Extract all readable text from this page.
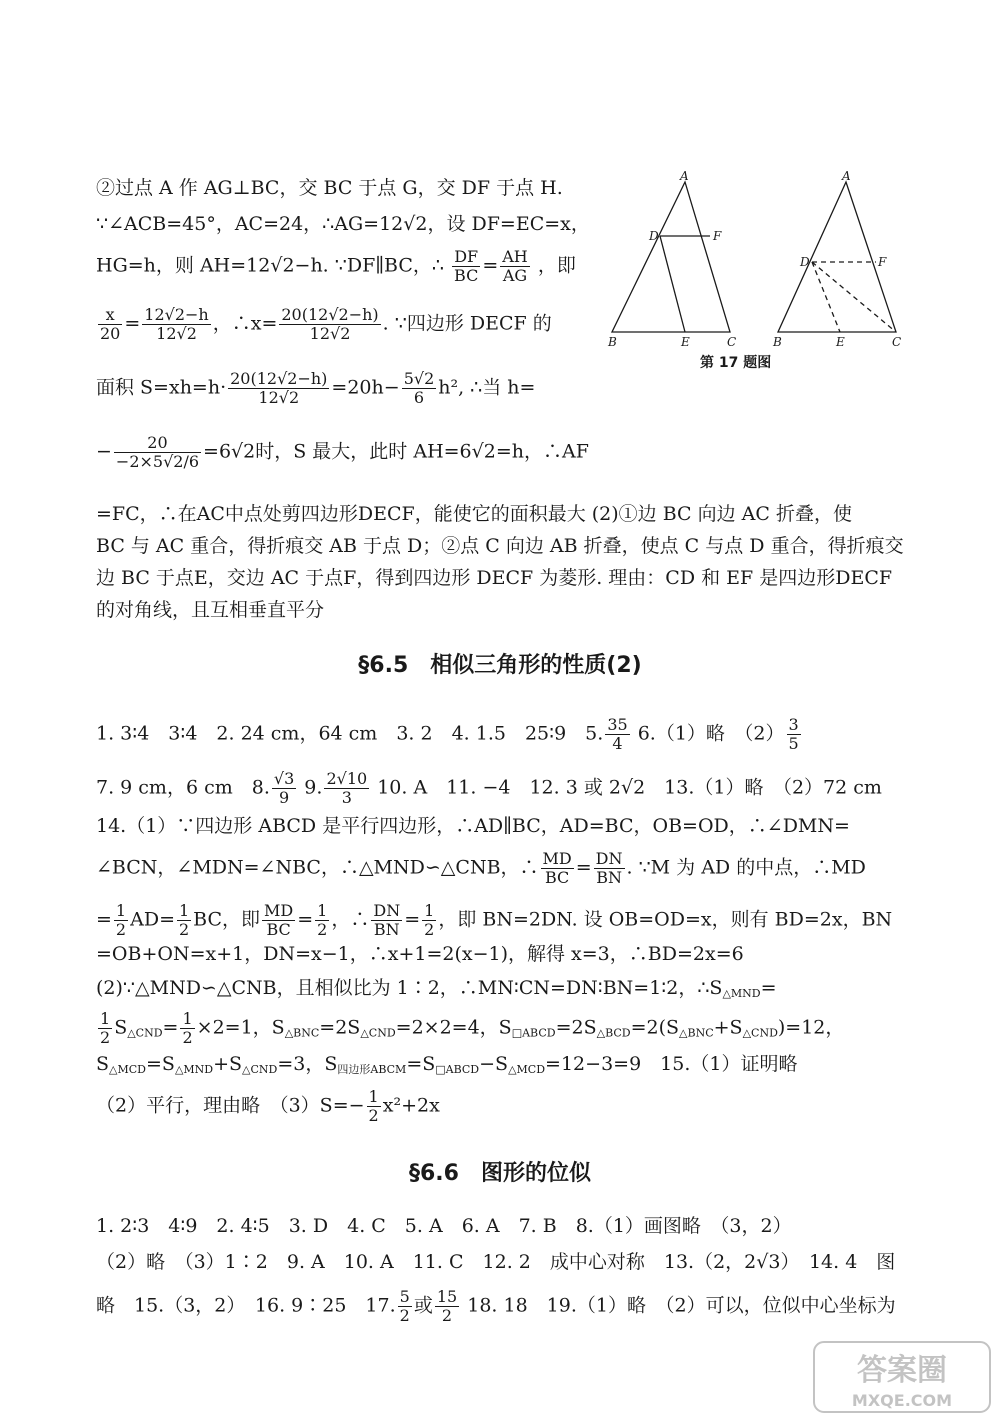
②过点 A 作 AG⊥BC，交 BC 于点 G，交 DF 于点 H.
∵∠ACB=45°，AC=24，∴AG=12√2，设 DF=EC=x，
HG=h，则 AH=12√2−h. ∵DF∥BC，∴ $\frac{DF}{BC} = \frac{AH}{AG}$ ，即
$\frac{x}{20} = \frac{12√2-h}{12√2}$ ，∴x= $\frac{20(12√2-h)}{12√2}$ . ∵四边形 DECF 的
面积 $S=xh=h\cdot \frac{20(12√2-h)}{12√2} =20h- \frac{5√2}{6} h^2$, ∴当 h=
− $\frac{20}{-2\times 5√2/6} =6√2$时，S 最大，此时 AH=6√2=h，∴AF
=FC，∴在AC中点处剪四边形DECF，能使它的面积最大 (2)①边 BC 向边 AC 折叠，使
BC 与 AC 重合，得折痕交 AB 于点 D；②点 C 向边 AB 折叠，使点 C 与点 D 重合，得折痕交
边 BC 于点E，交边 AC 于点F，得到四边形 DECF 为菱形. 理由：CD 和 EF 是四边形DECF
的对角线，且互相垂直平分
A
D	F
B	E	C
A
D	F
B	E	C
第 17 题图
§6.5　相似三角形的性质(2)
1. 3∶4　3∶4　2. 24 cm，64 cm　3. 2　4. 1.5　25∶9　5. $\frac{35}{4} 6.(1)$略　$(2) \frac{3}{5}$
7. 9 cm，6 cm　8. $\frac{√3}{9} 9$. $\frac{2√10}{3} 10$. A　11. −4　12. 3 或 2√2　13.（1）略　（2）72 cm
14.（1）∵四边形 ABCD 是平行四边形，∴AD∥BC，AD=BC，OB=OD，∴∠DMN=
∠BCN，∠MDN=∠NBC，∴△MND∽△CNB，∴ $\frac{MD}{BC} = \frac{DN}{BN}$ . ∵M 为 AD 的中点，∴MD
= $\frac{1}{2} AD= \frac{1}{2}$ BC，即 $\frac{MD}{BC} = \frac{1}{2}$ ，∴ $\frac{DN}{BN} = \frac{1}{2}$ ，即 BN=2DN. 设 OB=OD=x，则有 BD=2x，BN
=OB+ON=x+1，DN=x−1，∴x+1=2(x−1)，解得 x=3，∴BD=2x=6
(2)∵△MND∽△CNB，且相似比为 1∶2，∴MN∶CN=DN∶BN=1∶2，$\therefore S_{\triangle MND}=$
$\frac{1}{2} S_{\triangle CND}= \frac{1}{2} \times 2=1$，$S_{\triangle BNC}=2S_{\triangle CND}=2\times 2=4$，$S_{□ABCD}=2S_{\triangle BCD}=2(S_{\triangle BNC}+S_{\triangle CND})=12$，
$S_{\triangle MCD}=S_{\triangle MND}+S_{\triangle CND}=3$，$S_{四边形ABCM}=S_{□ABCD}-S_{\triangle MCD}=12-3=9$　15.（1）证明略
（2）平行，理由略　$(3)S=- \frac{1}{2} x^2+2x$
§6.6　图形的位似
1. 2∶3　4∶9　2. 4∶5　3. D　4. C　5. A　6. A　7. B　8.（1）画图略　（3，2）
（2）略　（3）1∶2　9. A　10. A　11. C　12. 2　成中心对称　13.（2，2√3）　14. 4　图
略　15.（3，2）　16. 9∶25　17. $\frac{5}{2}$ 或 $\frac{15}{2} 18$. 18　19.（1）略　（2）可以，位似中心坐标为
答案圈
MXQE.COM
